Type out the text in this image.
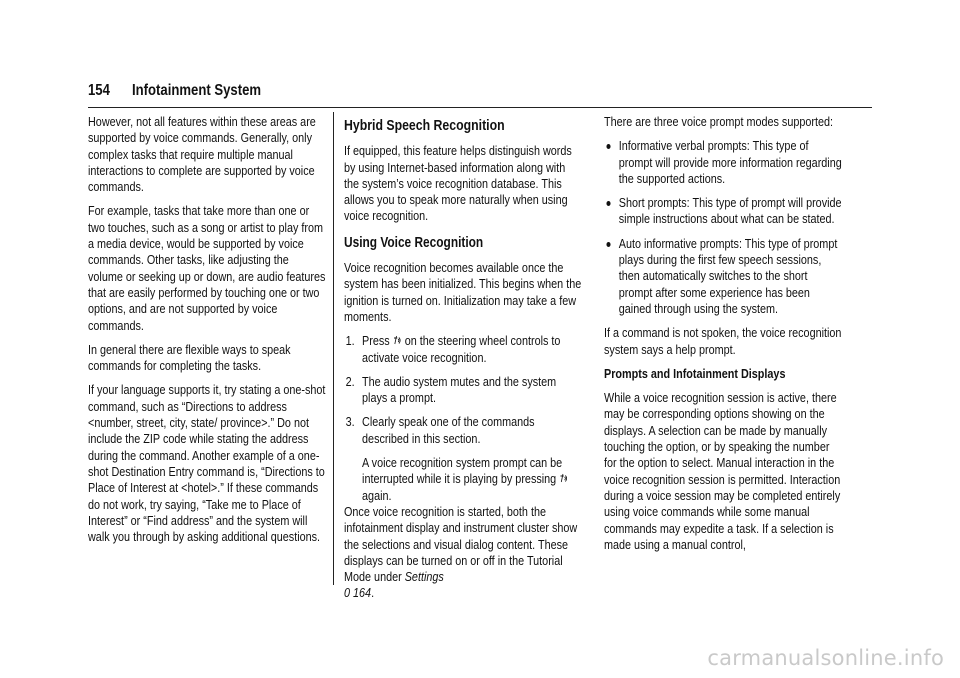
154 Infotainment System

However, not all features within these areas are supported by voice commands. Generally, only complex tasks that require multiple manual interactions to complete are supported by voice commands.

For example, tasks that take more than one or two touches, such as a song or artist to play from a media device, would be supported by voice commands. Other tasks, like adjusting the volume or seeking up or down, are audio features that are easily performed by touching one or two options, and are not supported by voice commands.

In general there are flexible ways to speak commands for completing the tasks.

If your language supports it, try stating a one-shot command, such as “Directions to address <number, street, city, state/ province>.” Do not include the ZIP code while stating the address during the command. Another example of a one-shot Destination Entry command is, “Directions to Place of Interest at <hotel>.” If these commands do not work, try saying, “Take me to Place of Interest” or “Find address” and the system will walk you through by asking additional questions.

Hybrid Speech Recognition

If equipped, this feature helps distinguish words by using Internet-based information along with the system’s voice recognition database. This allows you to speak more naturally when using voice recognition.

Using Voice Recognition

Voice recognition becomes available once the system has been initialized. This begins when the ignition is turned on. Initialization may take a few moments.

1. Press  on the steering wheel controls to activate voice recognition.
2. The audio system mutes and the system plays a prompt.
3. Clearly speak one of the commands described in this section.

A voice recognition system prompt can be interrupted while it is playing by pressing  again.

Once voice recognition is started, both the infotainment display and instrument cluster show the selections and visual dialog content. These displays can be turned on or off in the Tutorial Mode under Settings
0 164.

There are three voice prompt modes supported:

Informative verbal prompts: This type of prompt will provide more information regarding the supported actions.
Short prompts: This type of prompt will provide simple instructions about what can be stated.
Auto informative prompts: This type of prompt plays during the first few speech sessions, then automatically switches to the short prompt after some experience has been gained through using the system.

If a command is not spoken, the voice recognition system says a help prompt.

Prompts and Infotainment Displays

While a voice recognition session is active, there may be corresponding options showing on the displays. A selection can be made by manually touching the option, or by speaking the number for the option to select. Manual interaction in the voice recognition session is permitted. Interaction during a voice session may be completed entirely using voice commands while some manual commands may expedite a task. If a selection is made using a manual control,

carmanualsonline.info
